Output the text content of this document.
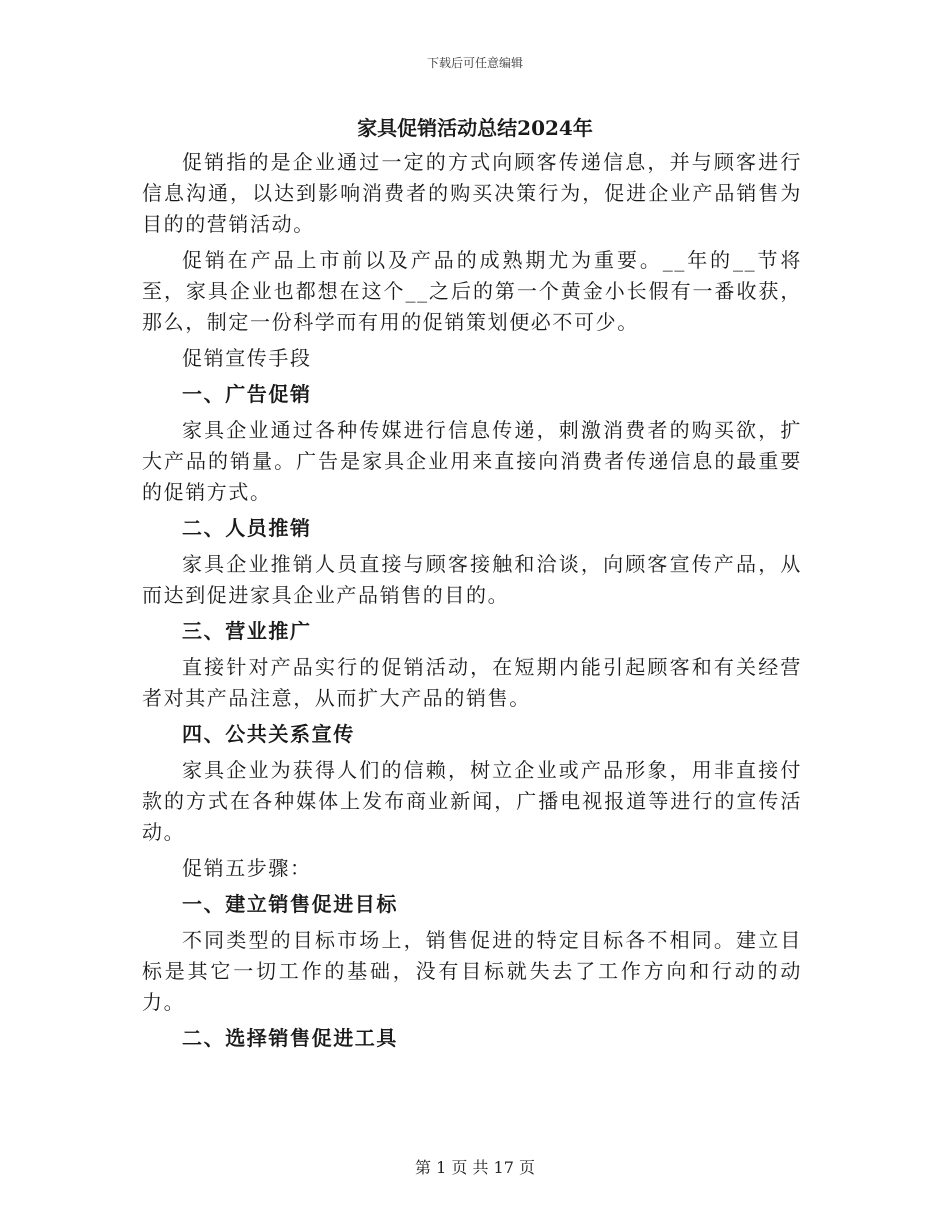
下载后可任意编辑
家具促销活动总结2024年

促销指的是企业通过一定的方式向顾客传递信息，并与顾客进行信息沟通，以达到影响消费者的购买决策行为，促进企业产品销售为目的的营销活动。

促销在产品上市前以及产品的成熟期尤为重要。__年的__节将至，家具企业也都想在这个__之后的第一个黄金小长假有一番收获，那么，制定一份科学而有用的促销策划便必不可少。

促销宣传手段

一、广告促销

家具企业通过各种传媒进行信息传递，刺激消费者的购买欲，扩大产品的销量。广告是家具企业用来直接向消费者传递信息的最重要的促销方式。

二、人员推销

家具企业推销人员直接与顾客接触和洽谈，向顾客宣传产品，从而达到促进家具企业产品销售的目的。

三、营业推广

直接针对产品实行的促销活动，在短期内能引起顾客和有关经营者对其产品注意，从而扩大产品的销售。

四、公共关系宣传

家具企业为获得人们的信赖，树立企业或产品形象，用非直接付款的方式在各种媒体上发布商业新闻，广播电视报道等进行的宣传活动。

促销五步骤：

一、建立销售促进目标

不同类型的目标市场上，销售促进的特定目标各不相同。建立目标是其它一切工作的基础，没有目标就失去了工作方向和行动的动力。

二、选择销售促进工具

第 1 页 共 17 页
